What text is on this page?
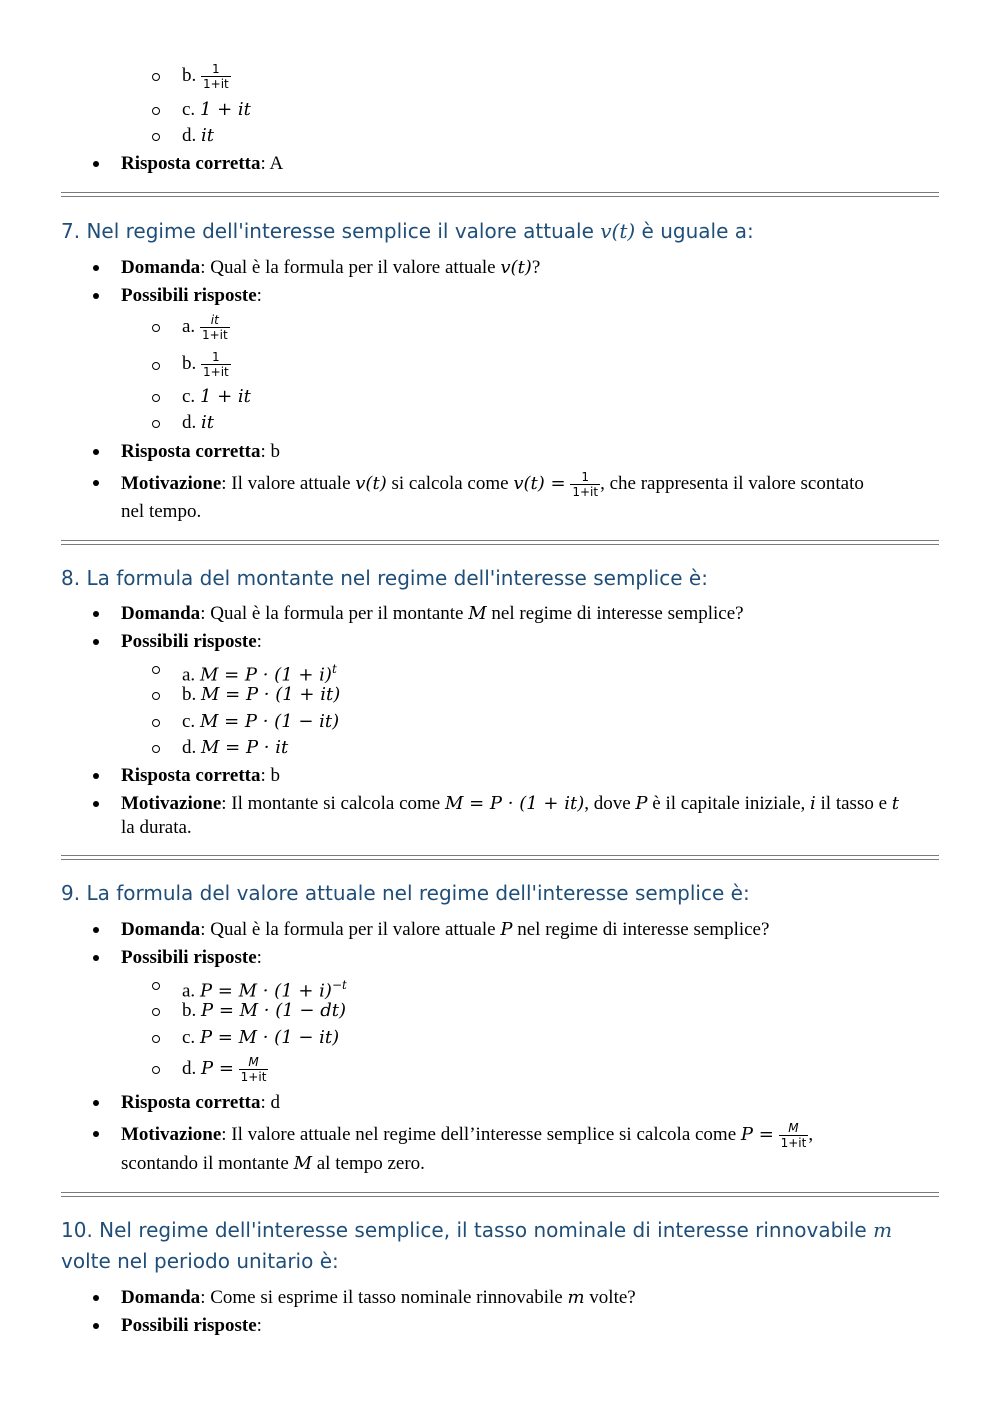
b. $\frac{1}{1+it}$
c. 1 + it
d. it
Risposta corretta: A
7. Nel regime dell'interesse semplice il valore attuale v(t) è uguale a:
Domanda: Qual è la formula per il valore attuale v(t)?
Possibili risposte:
a. $\frac{it}{1+it}$
b. $\frac{1}{1+it}$
c. 1 + it
d. it
Risposta corretta: b
Motivazione: Il valore attuale v(t) si calcola come $v(t) = \frac{1}{1+it}$ , che rappresenta il valore scontato
nel tempo.
8. La formula del montante nel regime dell'interesse semplice è:
Domanda: Qual è la formula per il montante M nel regime di interesse semplice?
Possibili risposte:
a. $M = P \cdot (1 + i)^t$
b. M = P · (1 + it)
c. M = P · (1 − it)
d. M = P · it
Risposta corretta: b
Motivazione: Il montante si calcola come M = P · (1 + it), dove P è il capitale iniziale, i il tasso e t
la durata.
9. La formula del valore attuale nel regime dell'interesse semplice è:
Domanda: Qual è la formula per il valore attuale P nel regime di interesse semplice?
Possibili risposte:
a. $P = M \cdot (1 + i)^{-t}$
b. P = M · (1 − dt)
c. P = M · (1 − it)
d. $P = \frac{M}{1+it}$
Risposta corretta: d
Motivazione: Il valore attuale nel regime dell’interesse semplice si calcola come $P = \frac{M}{1+it}$ ,
scontando il montante M al tempo zero.
10. Nel regime dell'interesse semplice, il tasso nominale di interesse rinnovabile m
volte nel periodo unitario è:
Domanda: Come si esprime il tasso nominale rinnovabile m volte?
Possibili risposte:
